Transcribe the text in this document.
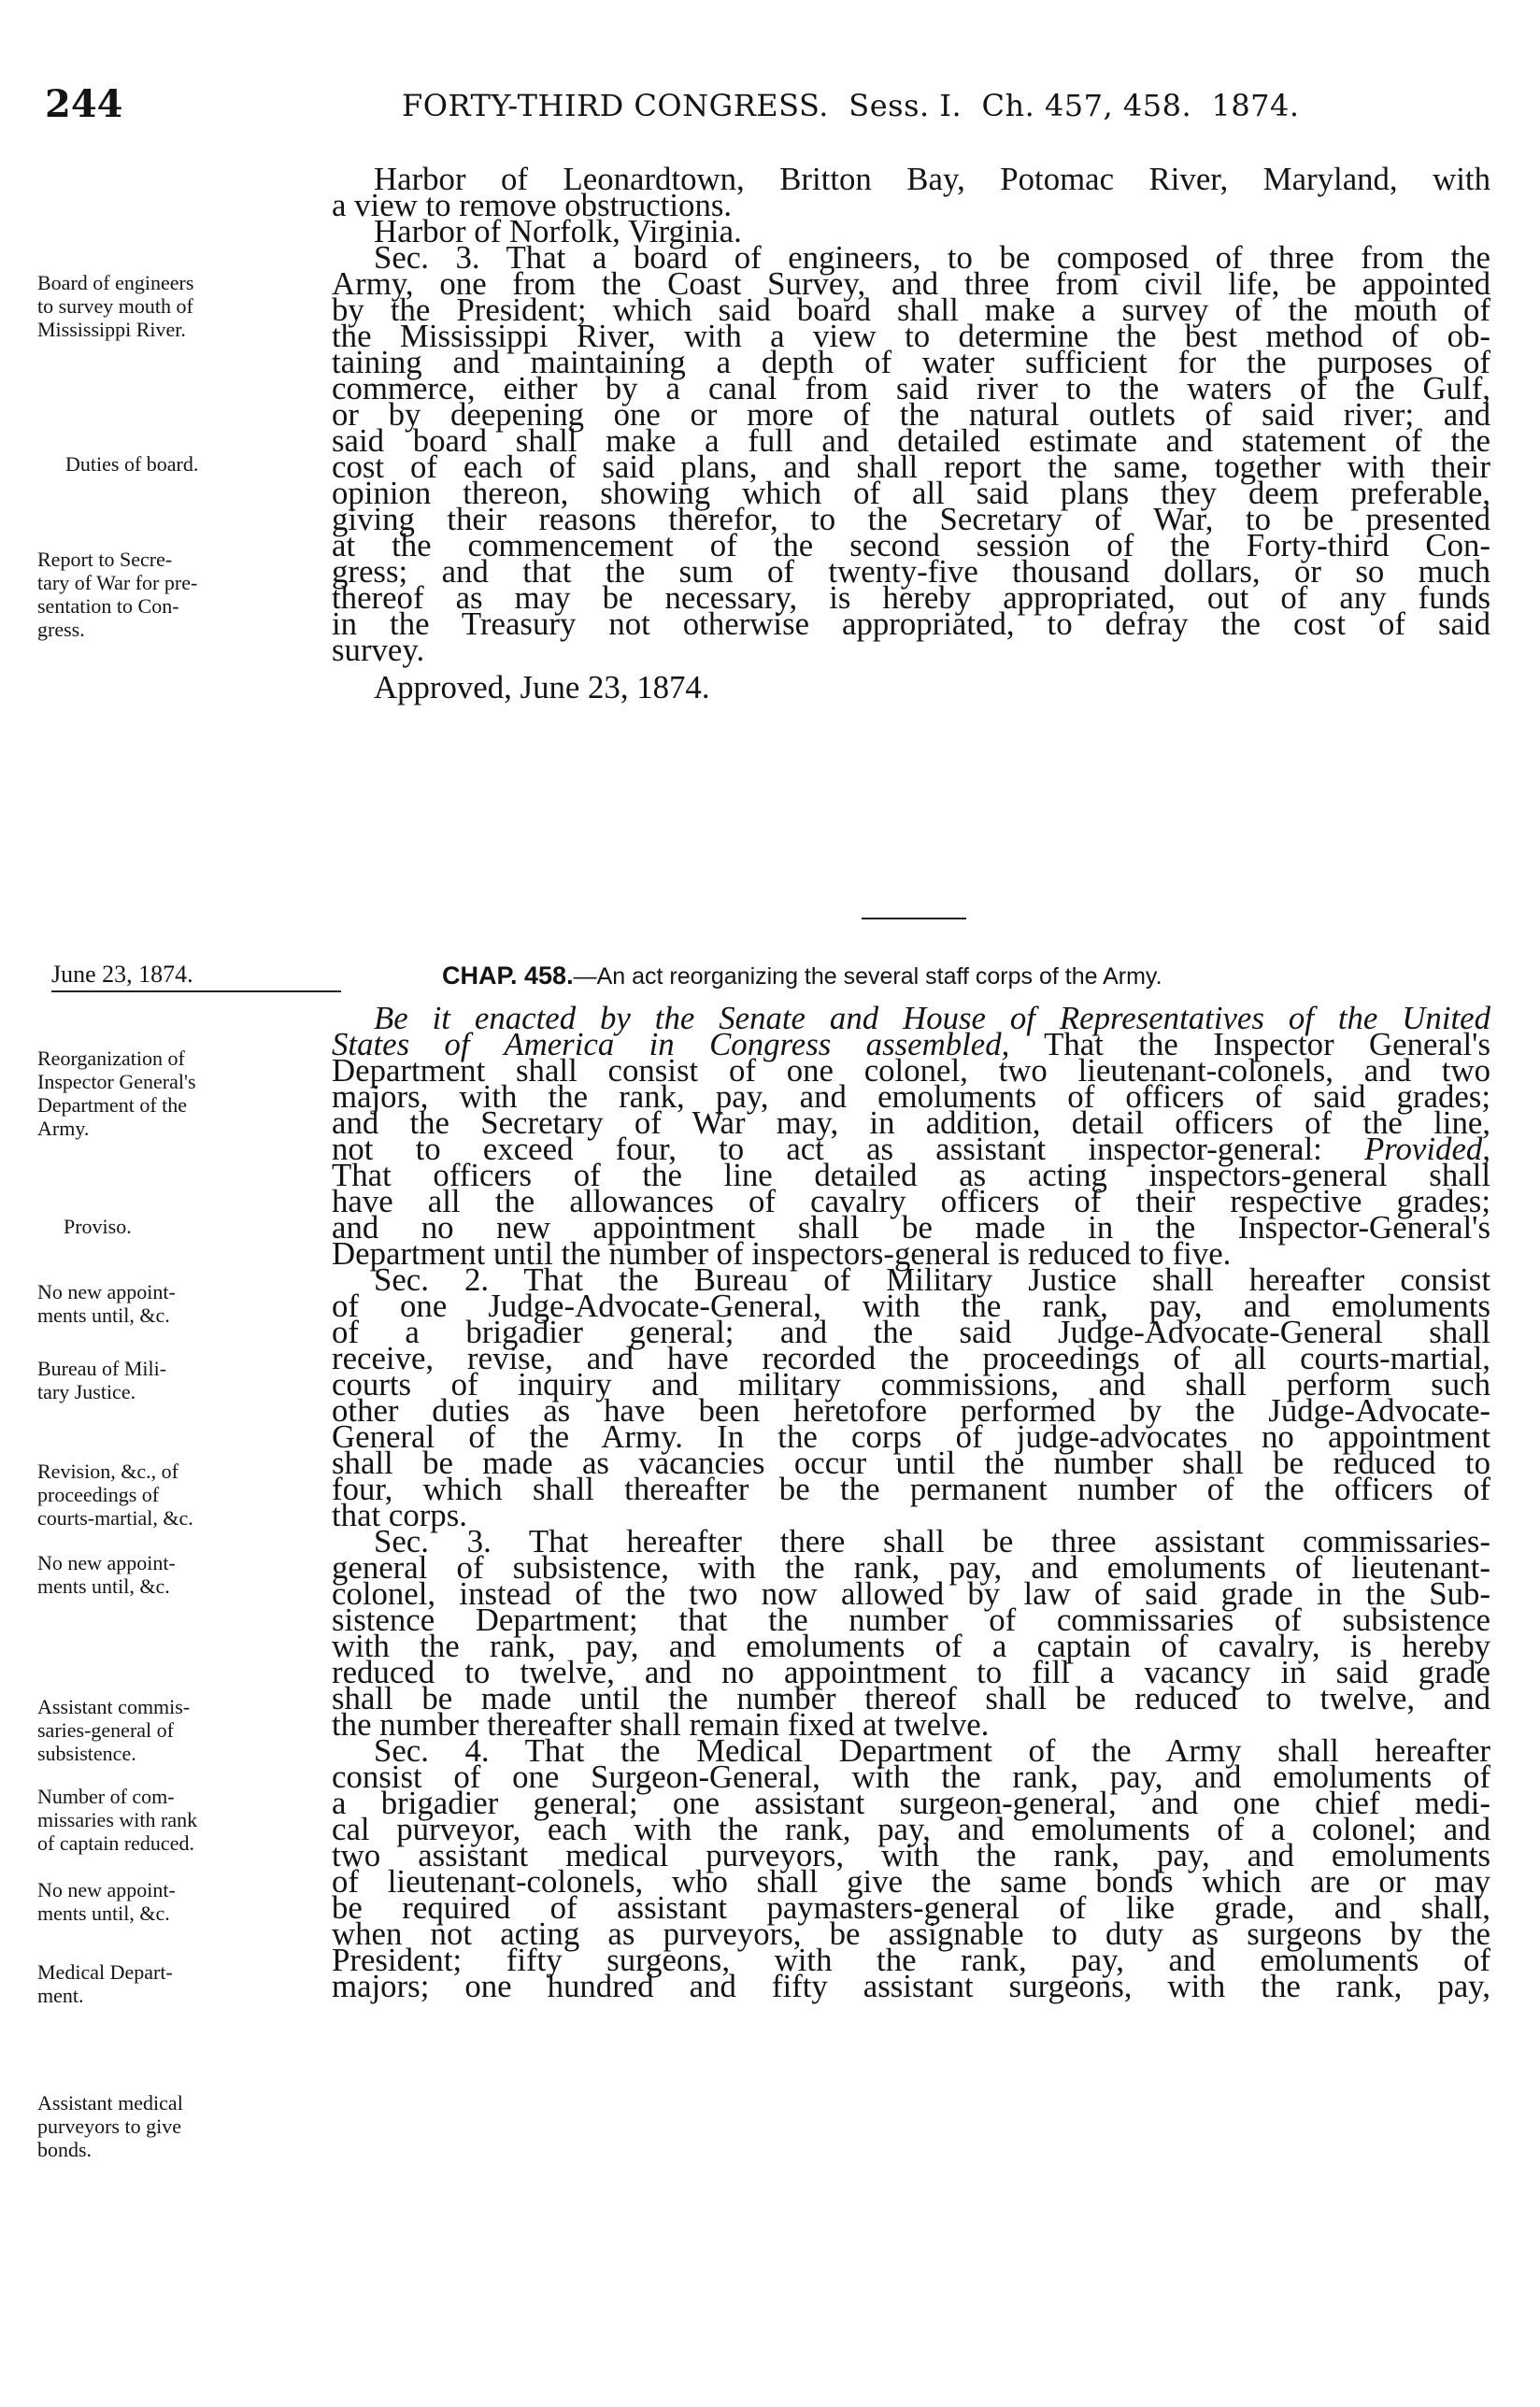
244	FORTY-THIRD CONGRESS. Sess. I. Ch. 457, 458. 1874.
Harbor of Leonardtown, Britton Bay, Potomac River, Maryland, with
a view to remove obstructions.
Harbor of Norfolk, Virginia.
Sec. 3. That a board of engineers, to be composed of three from the
Army, one from the Coast Survey, and three from civil life, be appointed
by the President; which said board shall make a survey of the mouth of
the Mississippi River, with a view to determine the best method of ob-
taining and maintaining a depth of water sufficient for the purposes of
commerce, either by a canal from said river to the waters of the Gulf,
or by deepening one or more of the natural outlets of said river; and
said board shall make a full and detailed estimate and statement of the
cost of each of said plans, and shall report the same, together with their
opinion thereon, showing which of all said plans they deem preferable,
giving their reasons therefor, to the Secretary of War, to be presented
at the commencement of the second session of the Forty-third Con-
gress; and that the sum of twenty-five thousand dollars, or so much
thereof as may be necessary, is hereby appropriated, out of any funds
in the Treasury not otherwise appropriated, to defray the cost of said
survey.
Approved, June 23, 1874.
Board of engineers
to survey mouth of
Mississippi River.
Duties of board.
Report to Secre-
tary of War for pre-
sentation to Con-
gress.
June 23, 1874.	CHAP. 458.—An act reorganizing the several staff corps of the Army.
Be it enacted by the Senate and House of Representatives of the United
States of America in Congress assembled, That the Inspector General's
Department shall consist of one colonel, two lieutenant-colonels, and two
majors, with the rank, pay, and emoluments of officers of said grades;
and the Secretary of War may, in addition, detail officers of the line,
not to exceed four, to act as assistant inspector-general: Provided,
That officers of the line detailed as acting inspectors-general shall
have all the allowances of cavalry officers of their respective grades;
and no new appointment shall be made in the Inspector-General's
Department until the number of inspectors-general is reduced to five.
Sec. 2. That the Bureau of Military Justice shall hereafter consist
of one Judge-Advocate-General, with the rank, pay, and emoluments
of a brigadier general; and the said Judge-Advocate-General shall
receive, revise, and have recorded the proceedings of all courts-martial,
courts of inquiry and military commissions, and shall perform such
other duties as have been heretofore performed by the Judge-Advocate-
General of the Army. In the corps of judge-advocates no appointment
shall be made as vacancies occur until the number shall be reduced to
four, which shall thereafter be the permanent number of the officers of
that corps.
Sec. 3. That hereafter there shall be three assistant commissaries-
general of subsistence, with the rank, pay, and emoluments of lieutenant-
colonel, instead of the two now allowed by law of said grade in the Sub-
sistence Department; that the number of commissaries of subsistence
with the rank, pay, and emoluments of a captain of cavalry, is hereby
reduced to twelve, and no appointment to fill a vacancy in said grade
shall be made until the number thereof shall be reduced to twelve, and
the number thereafter shall remain fixed at twelve.
Sec. 4. That the Medical Department of the Army shall hereafter
consist of one Surgeon-General, with the rank, pay, and emoluments of
a brigadier general; one assistant surgeon-general, and one chief medi-
cal purveyor, each with the rank, pay, and emoluments of a colonel; and
two assistant medical purveyors, with the rank, pay, and emoluments
of lieutenant-colonels, who shall give the same bonds which are or may
be required of assistant paymasters-general of like grade, and shall,
when not acting as purveyors, be assignable to duty as surgeons by the
President; fifty surgeons, with the rank, pay, and emoluments of
majors; one hundred and fifty assistant surgeons, with the rank, pay,
Reorganization of
Inspector General's
Department of the
Army.
Proviso.
No new appoint-
ments until, &c.
Bureau of Mili-
tary Justice.
Revision, &c., of
proceedings of
courts-martial, &c.
No new appoint-
ments until, &c.
Assistant commis-
saries-general of
subsistence.
Number of com-
missaries with rank
of captain reduced.
No new appoint-
ments until, &c.
Medical Depart-
ment.
Assistant medical
purveyors to give
bonds.
